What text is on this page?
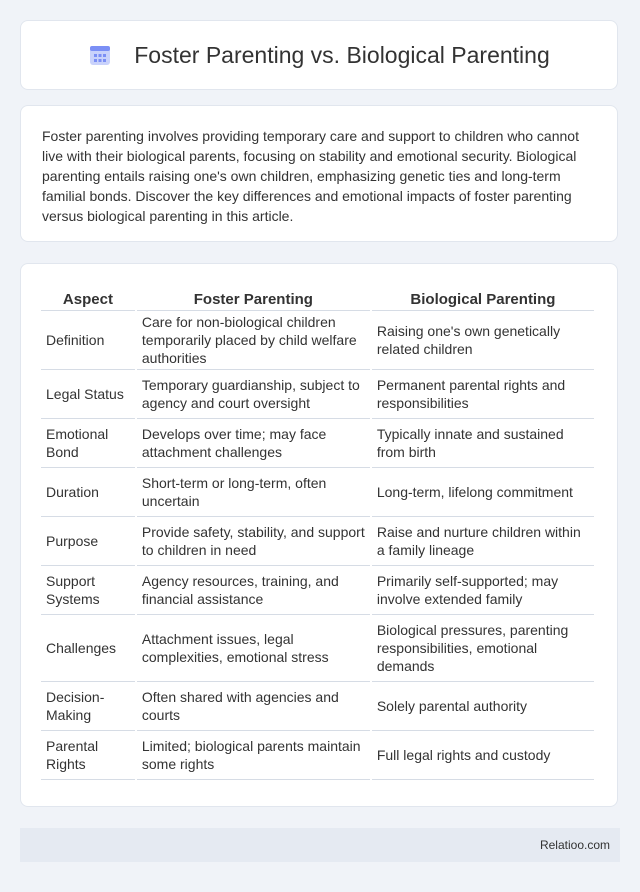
Foster Parenting vs. Biological Parenting

Foster parenting involves providing temporary care and support to children who cannot live with their biological parents, focusing on stability and emotional security. Biological parenting entails raising one's own children, emphasizing genetic ties and long-term familial bonds. Discover the key differences and emotional impacts of foster parenting versus biological parenting in this article.

Aspect	Foster Parenting	Biological Parenting
Definition	Care for non-biological children temporarily placed by child welfare authorities	Raising one's own genetically related children
Legal Status	Temporary guardianship, subject to agency and court oversight	Permanent parental rights and responsibilities
Emotional Bond	Develops over time; may face attachment challenges	Typically innate and sustained from birth
Duration	Short-term or long-term, often uncertain	Long-term, lifelong commitment
Purpose	Provide safety, stability, and support to children in need	Raise and nurture children within a family lineage
Support Systems	Agency resources, training, and financial assistance	Primarily self-supported; may involve extended family
Challenges	Attachment issues, legal complexities, emotional stress	Biological pressures, parenting responsibilities, emotional demands
Decision-Making	Often shared with agencies and courts	Solely parental authority
Parental Rights	Limited; biological parents maintain some rights	Full legal rights and custody
Relatioo.com
